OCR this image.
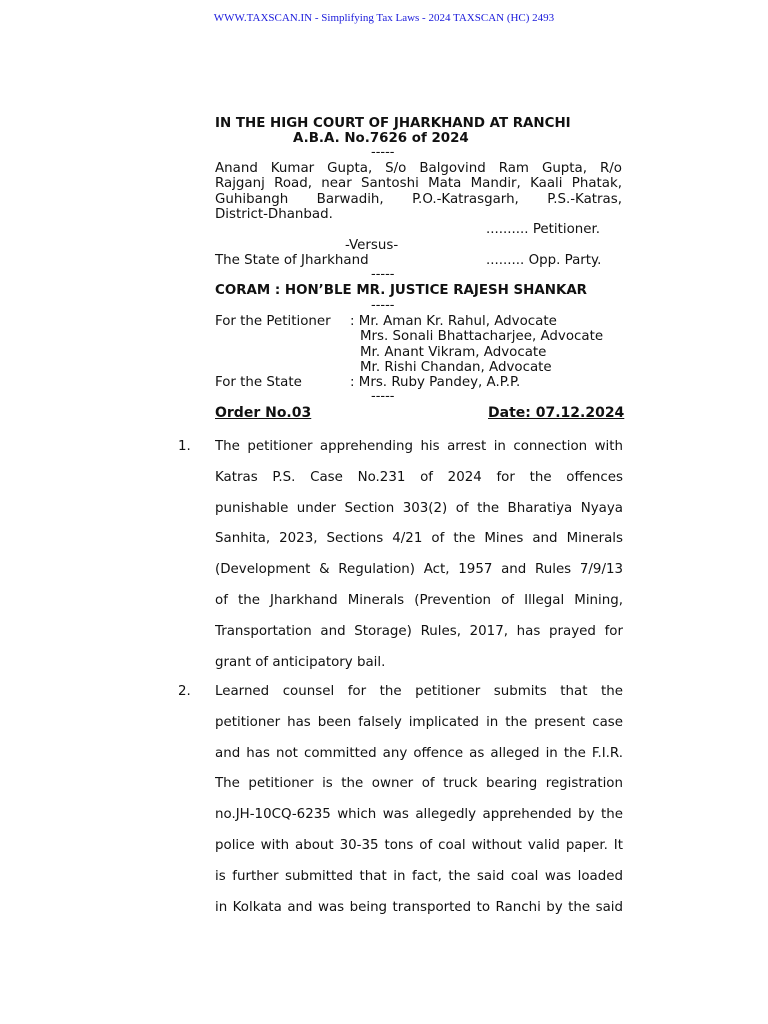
WWW.TAXSCAN.IN - Simplifying Tax Laws - 2024 TAXSCAN (HC) 2493
IN THE HIGH COURT OF JHARKHAND AT RANCHI
A.B.A. No.7626 of 2024
-----
Anand Kumar Gupta, S/o Balgovind Ram Gupta, R/o
Rajganj Road, near Santoshi Mata Mandir, Kaali Phatak,
Guhibangh Barwadih, P.O.-Katrasgarh, P.S.-Katras,
District-Dhanbad.
.......... Petitioner.
-Versus-
The State of Jharkhand	......... Opp. Party.
-----
CORAM : HON’BLE MR. JUSTICE RAJESH SHANKAR
-----
For the Petitioner : Mr. Aman Kr. Rahul, Advocate
Mrs. Sonali Bhattacharjee, Advocate
Mr. Anant Vikram, Advocate
Mr. Rishi Chandan, Advocate
For the State	: Mrs. Ruby Pandey, A.P.P.
-----
Order No.03	Date: 07.12.2024
1. The petitioner apprehending his arrest in connection with
Katras P.S. Case No.231 of 2024 for the offences
punishable under Section 303(2) of the Bharatiya Nyaya
Sanhita, 2023, Sections 4/21 of the Mines and Minerals
(Development & Regulation) Act, 1957 and Rules 7/9/13
of the Jharkhand Minerals (Prevention of Illegal Mining,
Transportation and Storage) Rules, 2017, has prayed for
grant of anticipatory bail.
2. Learned counsel for the petitioner submits that the
petitioner has been falsely implicated in the present case
and has not committed any offence as alleged in the F.I.R.
The petitioner is the owner of truck bearing registration
no.JH-10CQ-6235 which was allegedly apprehended by the
police with about 30-35 tons of coal without valid paper. It
is further submitted that in fact, the said coal was loaded
in Kolkata and was being transported to Ranchi by the said
